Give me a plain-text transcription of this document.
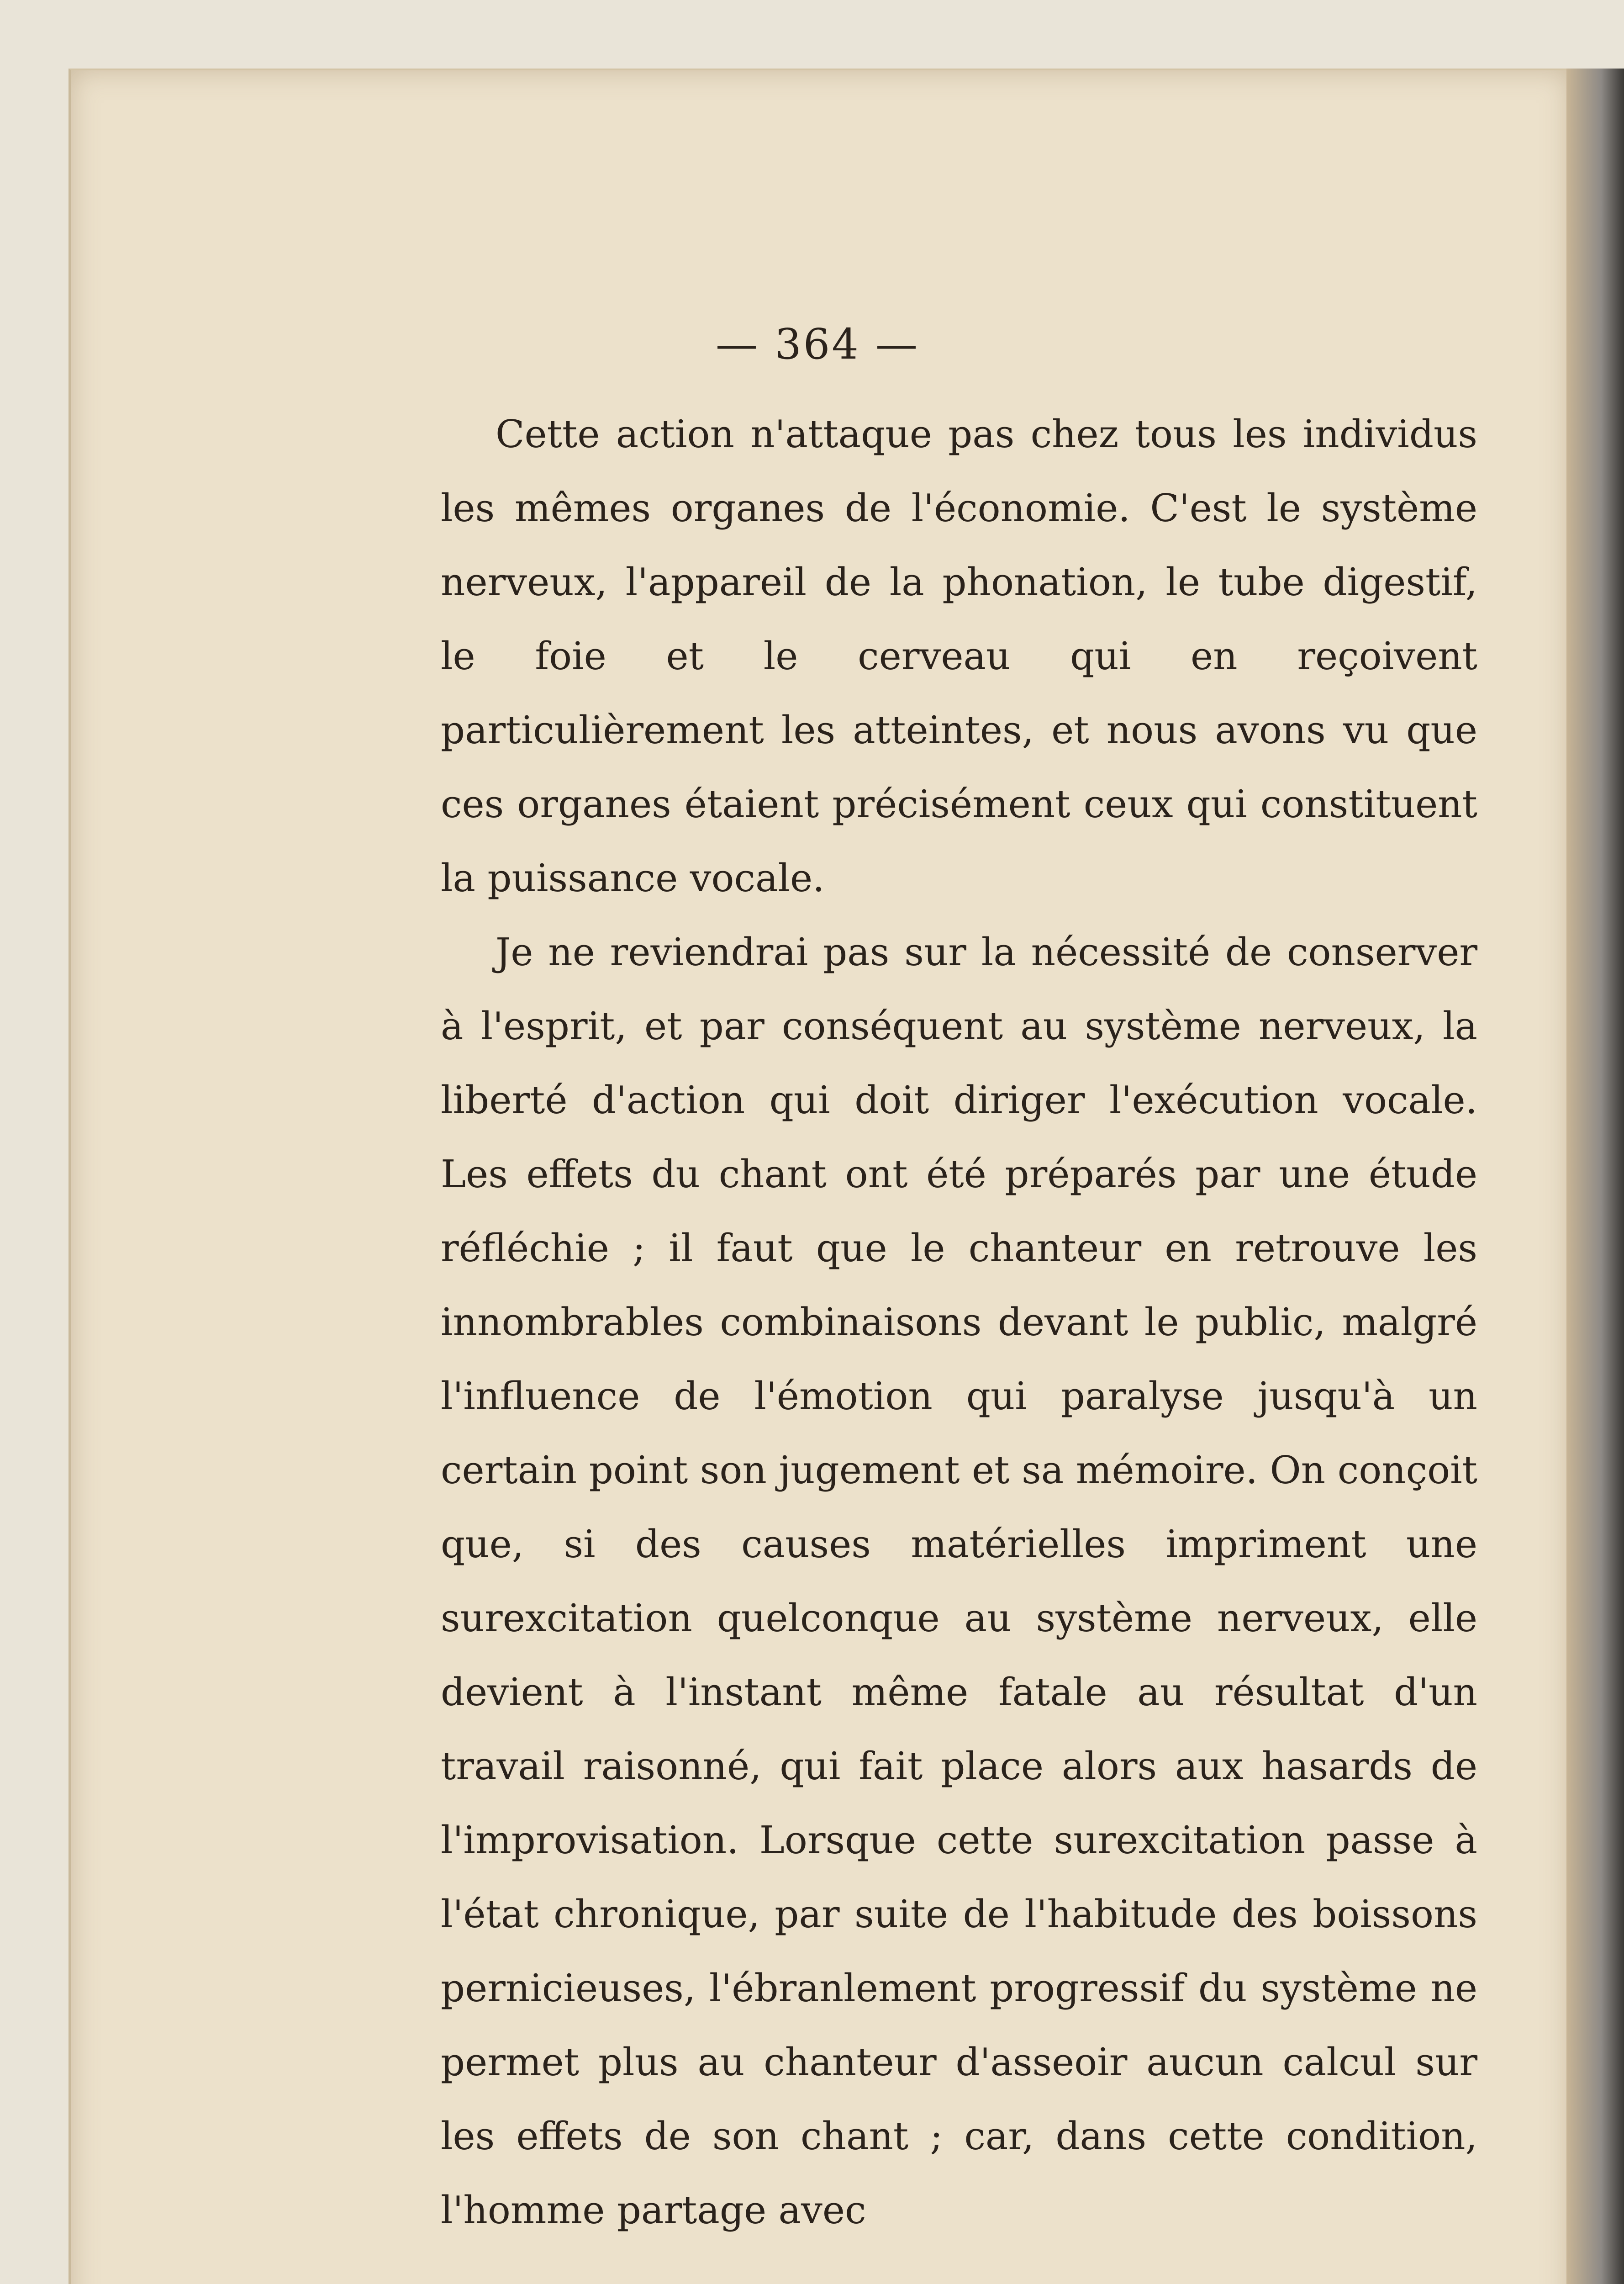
— 364 —

Cette action n'attaque pas chez tous les individus les mêmes organes de l'économie. C'est le système nerveux, l'appareil de la phonation, le tube digestif, le foie et le cerveau qui en reçoivent particulièrement les atteintes, et nous avons vu que ces organes étaient précisément ceux qui constituent la puissance vocale.

Je ne reviendrai pas sur la nécessité de conserver à l'esprit, et par conséquent au système nerveux, la liberté d'action qui doit diriger l'exécution vocale. Les effets du chant ont été préparés par une étude réfléchie ; il faut que le chanteur en retrouve les innombrables combinaisons devant le public, malgré l'influence de l'émotion qui paralyse jusqu'à un certain point son jugement et sa mémoire. On conçoit que, si des causes matérielles impriment une surexcitation quelconque au système nerveux, elle devient à l'instant même fatale au résultat d'un travail raisonné, qui fait place alors aux hasards de l'improvisation. Lorsque cette surexcitation passe à l'état chronique, par suite de l'habitude des boissons pernicieuses, l'ébranlement progressif du système ne permet plus au chanteur d'asseoir aucun calcul sur les effets de son chant ; car, dans cette condition, l'homme partage avec
